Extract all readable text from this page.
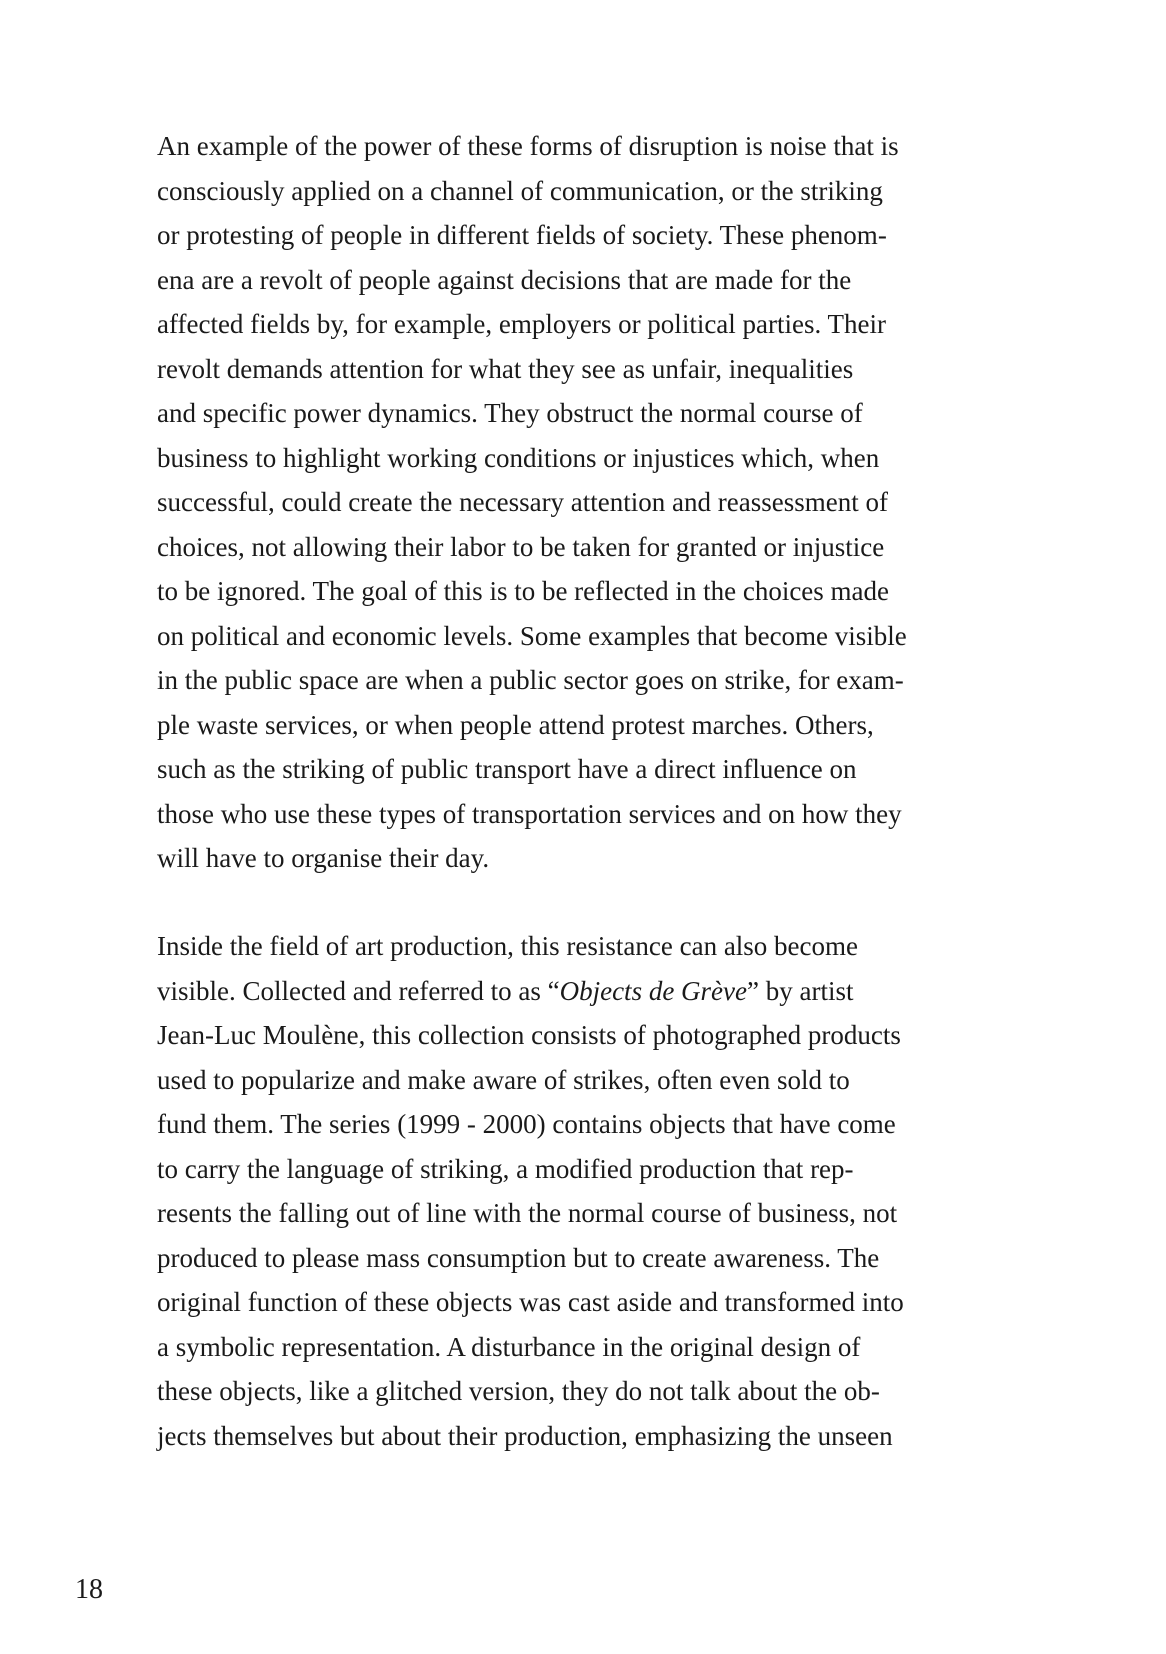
An example of the power of these forms of disruption is noise that is
consciously applied on a channel of communication, or the striking
or protesting of people in different fields of society. These phenom-
ena are a revolt of people against decisions that are made for the
affected fields by, for example, employers or political parties. Their
revolt demands attention for what they see as unfair, inequalities
and specific power dynamics. They obstruct the normal course of
business to highlight working conditions or injustices which, when
successful, could create the necessary attention and reassessment of
choices, not allowing their labor to be taken for granted or injustice
to be ignored. The goal of this is to be reflected in the choices made
on political and economic levels. Some examples that become visible
in the public space are when a public sector goes on strike, for exam-
ple waste services, or when people attend protest marches. Others,
such as the striking of public transport have a direct influence on
those who use these types of transportation services and on how they
will have to organise their day.
Inside the field of art production, this resistance can also become
visible. Collected and referred to as “Objects de Grève” by artist
Jean-Luc Moulène, this collection consists of photographed products
used to popularize and make aware of strikes, often even sold to
fund them. The series (1999 - 2000) contains objects that have come
to carry the language of striking, a modified production that rep-
resents the falling out of line with the normal course of business, not
produced to please mass consumption but to create awareness. The
original function of these objects was cast aside and transformed into
a symbolic representation. A disturbance in the original design of
these objects, like a glitched version, they do not talk about the ob-
jects themselves but about their production, emphasizing the unseen
18
